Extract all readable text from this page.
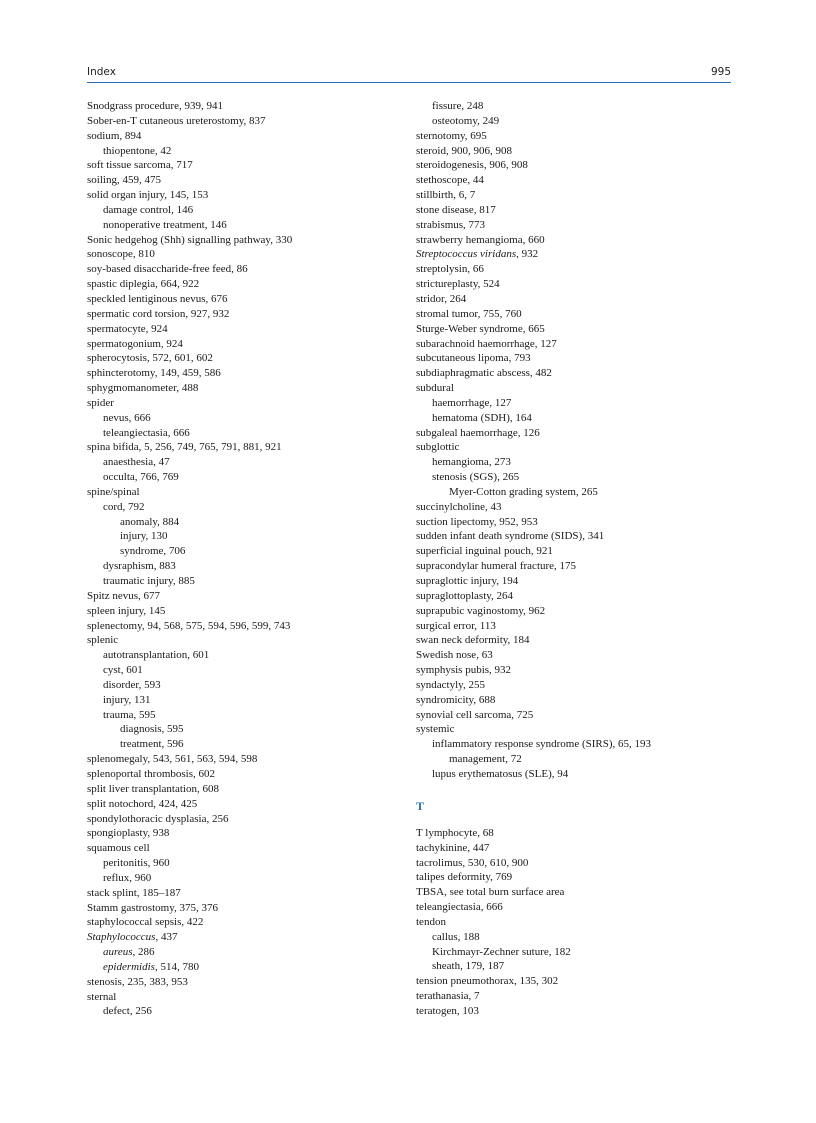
Index	995
Snodgrass procedure, 939, 941
Sober-en-T cutaneous ureterostomy, 837
sodium, 894
thiopentone, 42
soft tissue sarcoma, 717
soiling, 459, 475
solid organ injury, 145, 153
damage control, 146
nonoperative treatment, 146
Sonic hedgehog (Shh) signalling pathway, 330
sonoscope, 810
soy-based disaccharide-free feed, 86
spastic diplegia, 664, 922
speckled lentiginous nevus, 676
spermatic cord torsion, 927, 932
spermatocyte, 924
spermatogonium, 924
spherocytosis, 572, 601, 602
sphincterotomy, 149, 459, 586
sphygmomanometer, 488
spider
nevus, 666
teleangiectasia, 666
spina bifida, 5, 256, 749, 765, 791, 881, 921
anaesthesia, 47
occulta, 766, 769
spine/spinal
cord, 792
anomaly, 884
injury, 130
syndrome, 706
dysraphism, 883
traumatic injury, 885
Spitz nevus, 677
spleen injury, 145
splenectomy, 94, 568, 575, 594, 596, 599, 743
splenic
autotransplantation, 601
cyst, 601
disorder, 593
injury, 131
trauma, 595
diagnosis, 595
treatment, 596
splenomegaly, 543, 561, 563, 594, 598
splenoportal thrombosis, 602
split liver transplantation, 608
split notochord, 424, 425
spondylothoracic dysplasia, 256
spongioplasty, 938
squamous cell
peritonitis, 960
reflux, 960
stack splint, 185–187
Stamm gastrostomy, 375, 376
staphylococcal sepsis, 422
Staphylococcus, 437
aureus, 286
epidermidis, 514, 780
stenosis, 235, 383, 953
sternal
defect, 256
fissure, 248
osteotomy, 249
sternotomy, 695
steroid, 900, 906, 908
steroidogenesis, 906, 908
stethoscope, 44
stillbirth, 6, 7
stone disease, 817
strabismus, 773
strawberry hemangioma, 660
Streptococcus viridans, 932
streptolysin, 66
strictureplasty, 524
stridor, 264
stromal tumor, 755, 760
Sturge-Weber syndrome, 665
subarachnoid haemorrhage, 127
subcutaneous lipoma, 793
subdiaphragmatic abscess, 482
subdural
haemorrhage, 127
hematoma (SDH), 164
subgaleal haemorrhage, 126
subglottic
hemangioma, 273
stenosis (SGS), 265
Myer-Cotton grading system, 265
succinylcholine, 43
suction lipectomy, 952, 953
sudden infant death syndrome (SIDS), 341
superficial inguinal pouch, 921
supracondylar humeral fracture, 175
supraglottic injury, 194
supraglottoplasty, 264
suprapubic vaginostomy, 962
surgical error, 113
swan neck deformity, 184
Swedish nose, 63
symphysis pubis, 932
syndactyly, 255
syndromicity, 688
synovial cell sarcoma, 725
systemic
inflammatory response syndrome (SIRS), 65, 193
management, 72
lupus erythematosus (SLE), 94
T
T lymphocyte, 68
tachykinine, 447
tacrolimus, 530, 610, 900
talipes deformity, 769
TBSA, see total burn surface area
teleangiectasia, 666
tendon
callus, 188
Kirchmayr-Zechner suture, 182
sheath, 179, 187
tension pneumothorax, 135, 302
terathanasia, 7
teratogen, 103
